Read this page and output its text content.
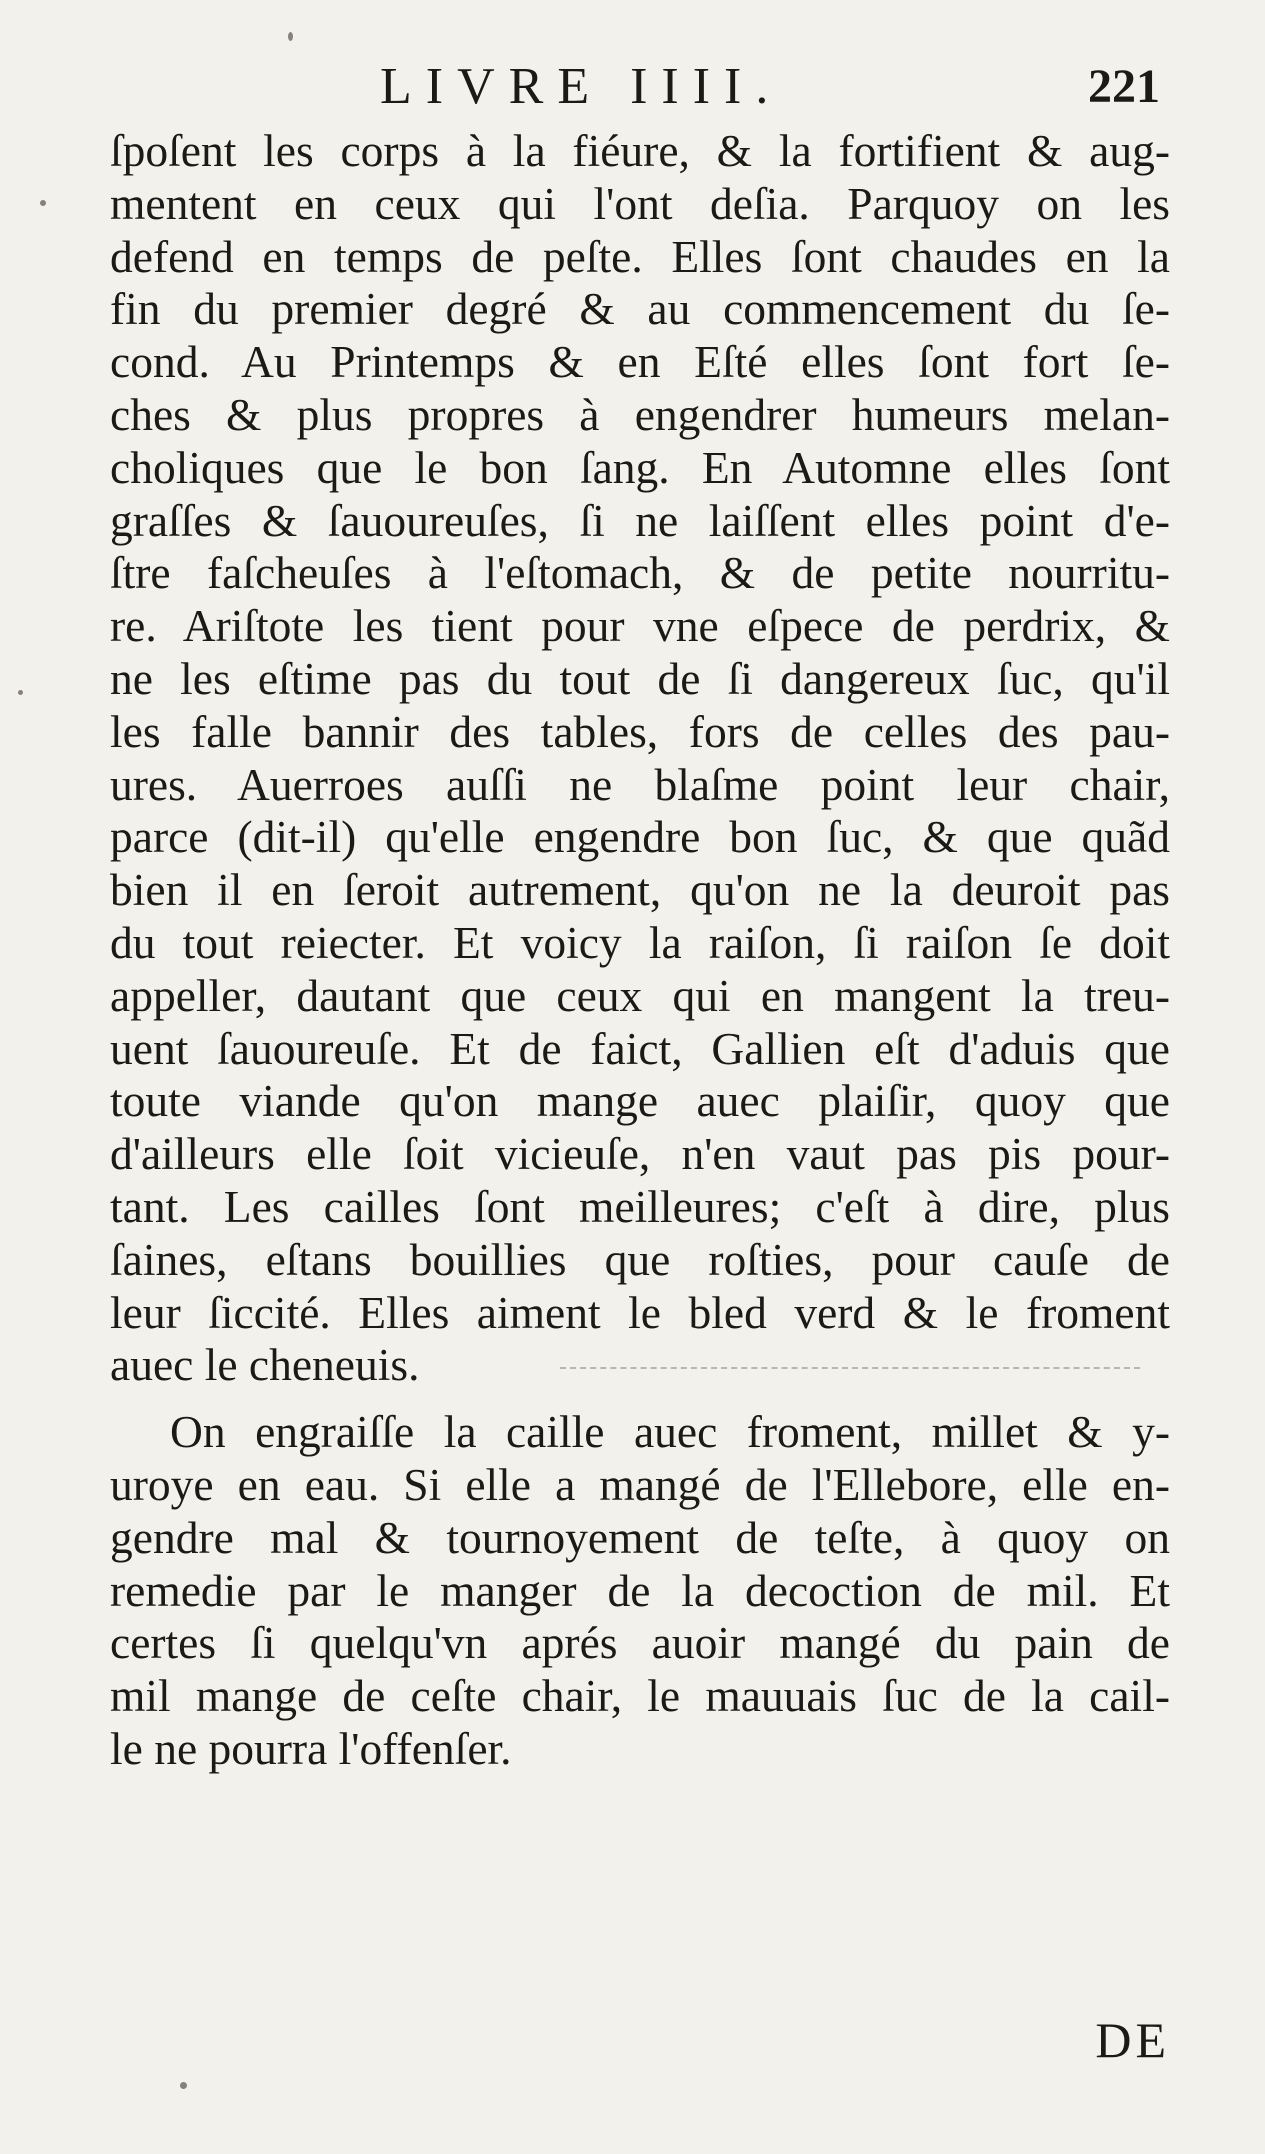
LIVRE IIII.	221
ſpoſent les corps à la fiéure, & la fortifient & aug-
mentent en ceux qui l'ont deſia. Parquoy on les
defend en temps de peſte. Elles ſont chaudes en la
fin du premier degré & au commencement du ſe-
cond. Au Printemps & en Eſté elles ſont fort ſe-
ches & plus propres à engendrer humeurs melan-
choliques que le bon ſang. En Automne elles ſont
graſſes & ſauoureuſes, ſi ne laiſſent elles point d'e-
ſtre faſcheuſes à l'eſtomach, & de petite nourritu-
re. Ariſtote les tient pour vne eſpece de perdrix, &
ne les eſtime pas du tout de ſi dangereux ſuc, qu'il
les falle bannir des tables, fors de celles des pau-
ures. Auerroes auſſi ne blaſme point leur chair,
parce (dit-il) qu'elle engendre bon ſuc, & que quãd
bien il en ſeroit autrement, qu'on ne la deuroit pas
du tout reiecter. Et voicy la raiſon, ſi raiſon ſe doit
appeller, dautant que ceux qui en mangent la treu-
uent ſauoureuſe. Et de faict, Gallien eſt d'aduis que
toute viande qu'on mange auec plaiſir, quoy que
d'ailleurs elle ſoit vicieuſe, n'en vaut pas pis pour-
tant. Les cailles ſont meilleures; c'eſt à dire, plus
ſaines, eſtans bouillies que roſties, pour cauſe de
leur ſiccité. Elles aiment le bled verd & le froment
auec le cheneuis.
On engraiſſe la caille auec froment, millet & y-
uroye en eau. Si elle a mangé de l'Ellebore, elle en-
gendre mal & tournoyement de teſte, à quoy on
remedie par le manger de la decoction de mil. Et
certes ſi quelqu'vn aprés auoir mangé du pain de
mil mange de ceſte chair, le mauuais ſuc de la cail-
le ne pourra l'offenſer.
DE
